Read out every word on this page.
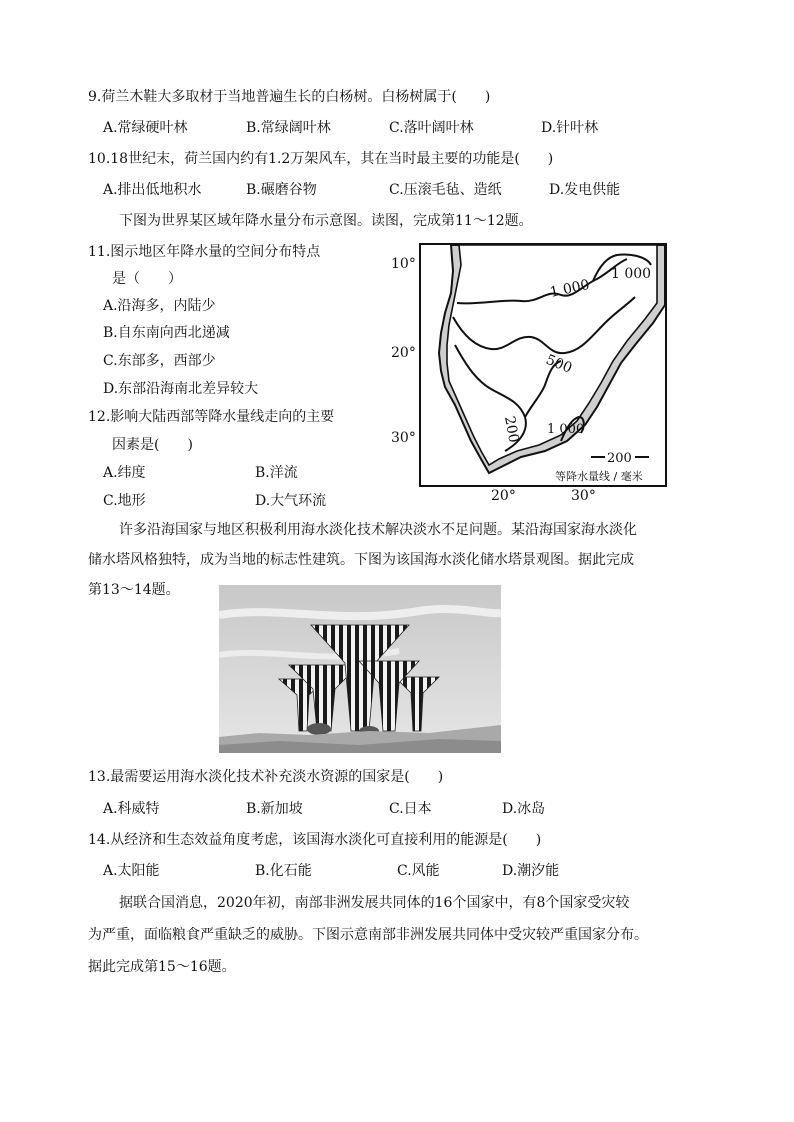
9.荷兰木鞋大多取材于当地普遍生长的白杨树。白杨树属于(　　)
A.常绿硬叶林	B.常绿阔叶林	C.落叶阔叶林	D.针叶林
10.18世纪末，荷兰国内约有1.2万架风车，其在当时最主要的功能是(　　)
A.排出低地积水	B.碾磨谷物	C.压滚毛毡、造纸	D.发电供能
下图为世界某区域年降水量分布示意图。读图，完成第11～12题。
11.图示地区年降水量的空间分布特点
是（　　）
A.沿海多，内陆少
B.自东南向西北递减
C.东部多，西部少
D.东部沿海南北差异较大
12.影响大陆西部等降水量线走向的主要
因素是(　　)
A.纬度	B.洋流
C.地形	D.大气环流
10°
20°
30°
1 000
1 000
500
200 1 000
200
等降水量线 / 毫米
20°	30°
许多沿海国家与地区积极利用海水淡化技术解决淡水不足问题。某沿海国家海水淡化
储水塔风格独特，成为当地的标志性建筑。下图为该国海水淡化储水塔景观图。据此完成
第13～14题。
13.最需要运用海水淡化技术补充淡水资源的国家是(　　)
A.科威特	B.新加坡	C.日本	D.冰岛
14.从经济和生态效益角度考虑，该国海水淡化可直接利用的能源是(　　)
A.太阳能	B.化石能	C.风能	D.潮汐能
据联合国消息，2020年初，南部非洲发展共同体的16个国家中，有8个国家受灾较
为严重，面临粮食严重缺乏的威胁。下图示意南部非洲发展共同体中受灾较严重国家分布。
据此完成第15～16题。
